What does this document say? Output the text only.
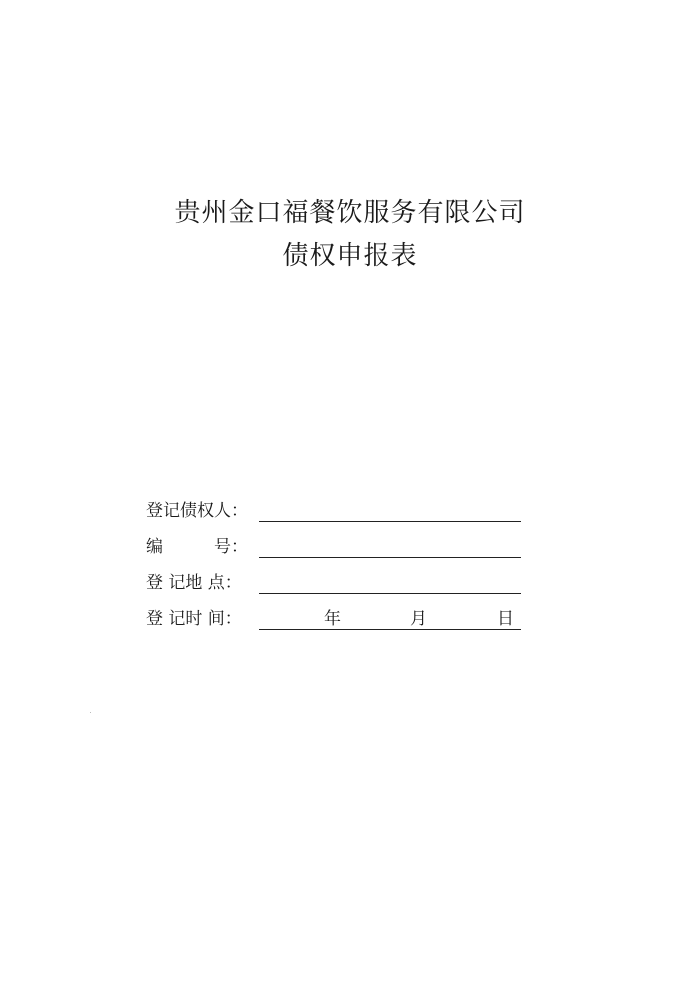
贵州金口福餐饮服务有限公司
债权申报表
登记债权人：
编　　　号：
登 记地 点：
登 记时 间：	年	月	日
